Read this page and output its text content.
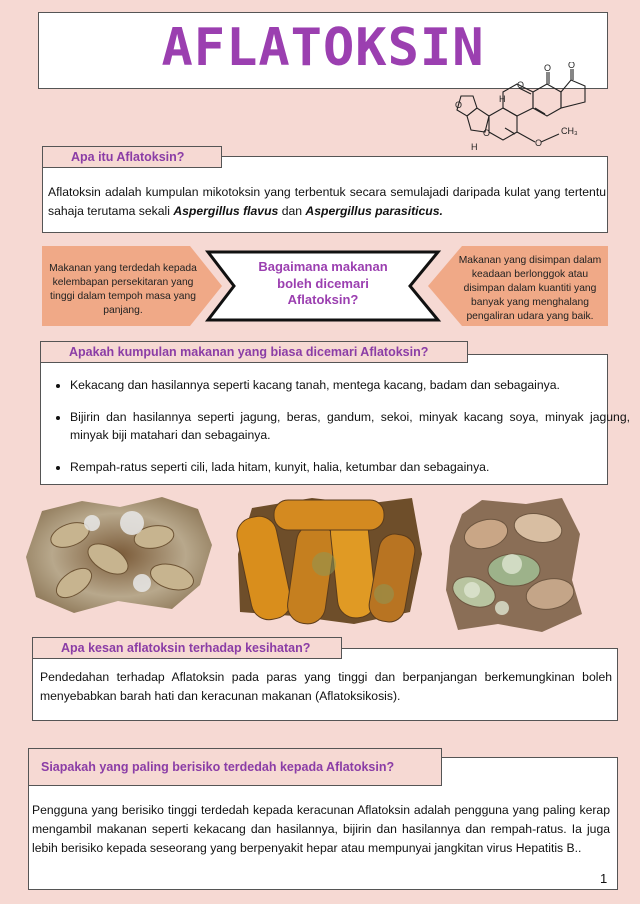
AFLATOKSIN
H
H
O O
O
O
O
O
CH₃
Apa itu Aflatoksin?
Aflatoksin adalah kumpulan mikotoksin yang terbentuk secara semulajadi daripada kulat yang tertentu sahaja terutama sekali Aspergillus flavus dan Aspergillus parasiticus.
Makanan yang terdedah kepada kelembapan persekitaran yang tinggi dalam tempoh masa yang panjang.
Makanan yang disimpan dalam keadaan berlonggok atau disimpan dalam kuantiti yang banyak yang menghalang pengaliran udara yang baik.
Bagaimana makanan boleh dicemari Aflatoksin?
Apakah kumpulan makanan yang biasa dicemari Aflatoksin?
• Kekacang dan hasilannya seperti kacang tanah, mentega kacang, badam dan sebagainya.
• Bijirin dan hasilannya seperti jagung, beras, gandum, sekoi, minyak kacang soya, minyak jagung, minyak biji matahari dan sebagainya.
• Rempah-ratus seperti cili, lada hitam, kunyit, halia, ketumbar dan sebagainya.
Apa kesan aflatoksin terhadap kesihatan?
Pendedahan terhadap Aflatoksin pada paras yang tinggi dan berpanjangan berkemungkinan boleh menyebabkan barah hati dan keracunan makanan (Aflatoksikosis).
Siapakah yang paling berisiko terdedah kepada Aflatoksin?
Pengguna yang berisiko tinggi terdedah kepada keracunan Aflatoksin adalah pengguna yang paling kerap mengambil makanan seperti kekacang dan hasilannya, bijirin dan hasilannya dan rempah-ratus. Ia juga lebih berisiko kepada seseorang yang berpenyakit hepar atau mempunyai jangkitan virus Hepatitis B..
1
